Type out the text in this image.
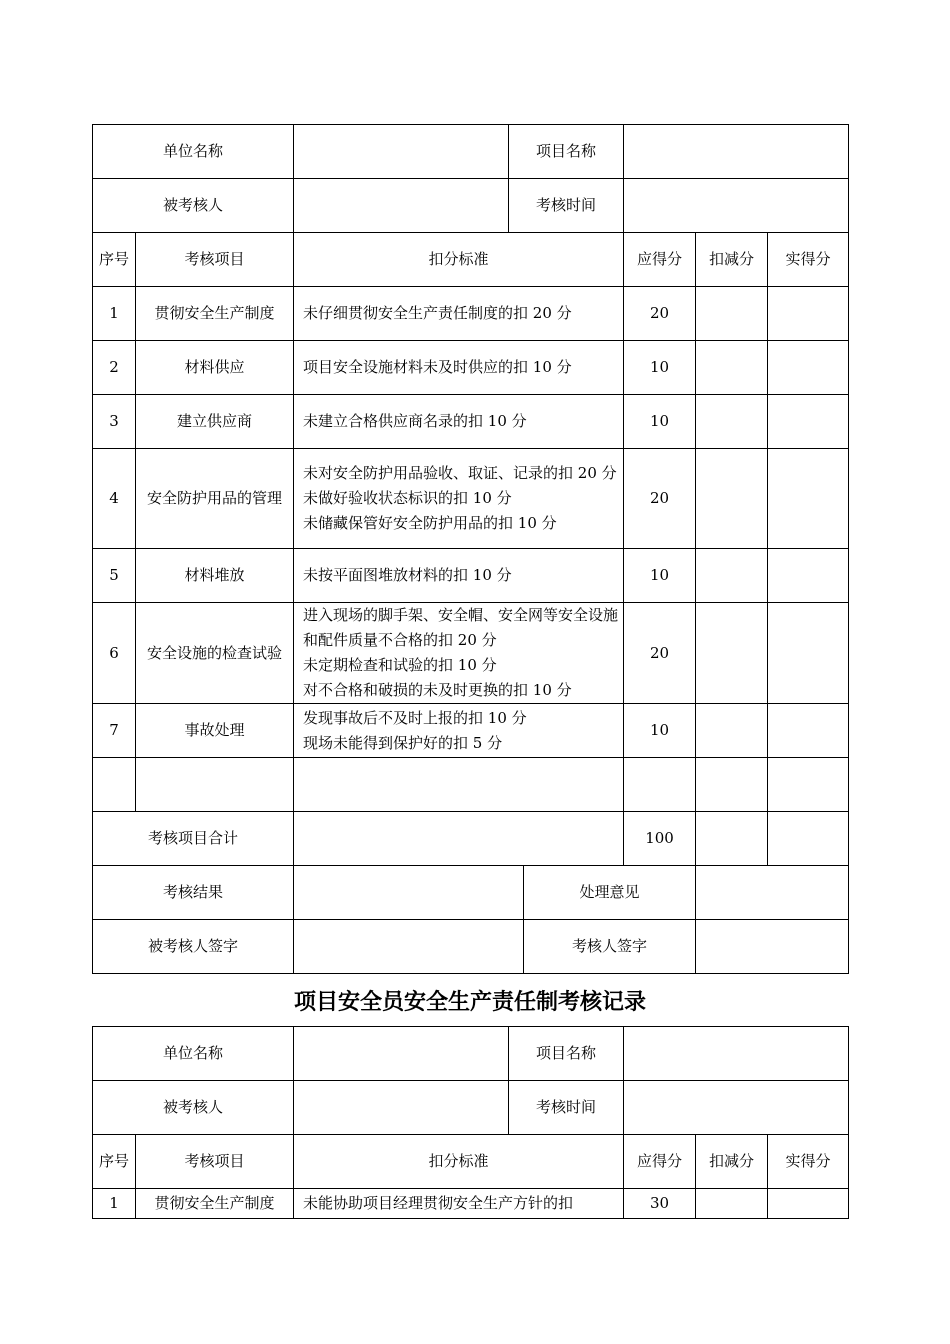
单位名称			项目名称				
被考核人			考核时间				
序号	考核项目	扣分标准			应得分	扣减分	实得分
1	贯彻安全生产制度	未仔细贯彻安全生产责任制度的扣 20 分			20		
2	材料供应	项目安全设施材料未及时供应的扣 10 分			10		
3	建立供应商	未建立合格供应商名录的扣 10 分			10		
4	安全防护用品的管理	未对安全防护用品验收、取证、记录的扣 20 分
未做好验收状态标识的扣 10 分
未储藏保管好安全防护用品的扣 10 分			20		
5	材料堆放	未按平面图堆放材料的扣 10 分			10		
6	安全设施的检查试验	进入现场的脚手架、安全帽、安全网等安全设施和配件质量不合格的扣 20 分
未定期检查和试验的扣 10 分
对不合格和破损的未及时更换的扣 10 分			20		
7	事故处理	发现事故后不及时上报的扣 10 分
现场未能得到保护好的扣 5 分			10		

考核项目合计					100		
考核结果				处理意见			
被考核人签字				考核人签字			
项目安全员安全生产责任制考核记录
单位名称			项目名称			
被考核人			考核时间			
序号	考核项目	扣分标准		应得分	扣减分	实得分
1	贯彻安全生产制度	未能协助项目经理贯彻安全生产方针的扣		30		
